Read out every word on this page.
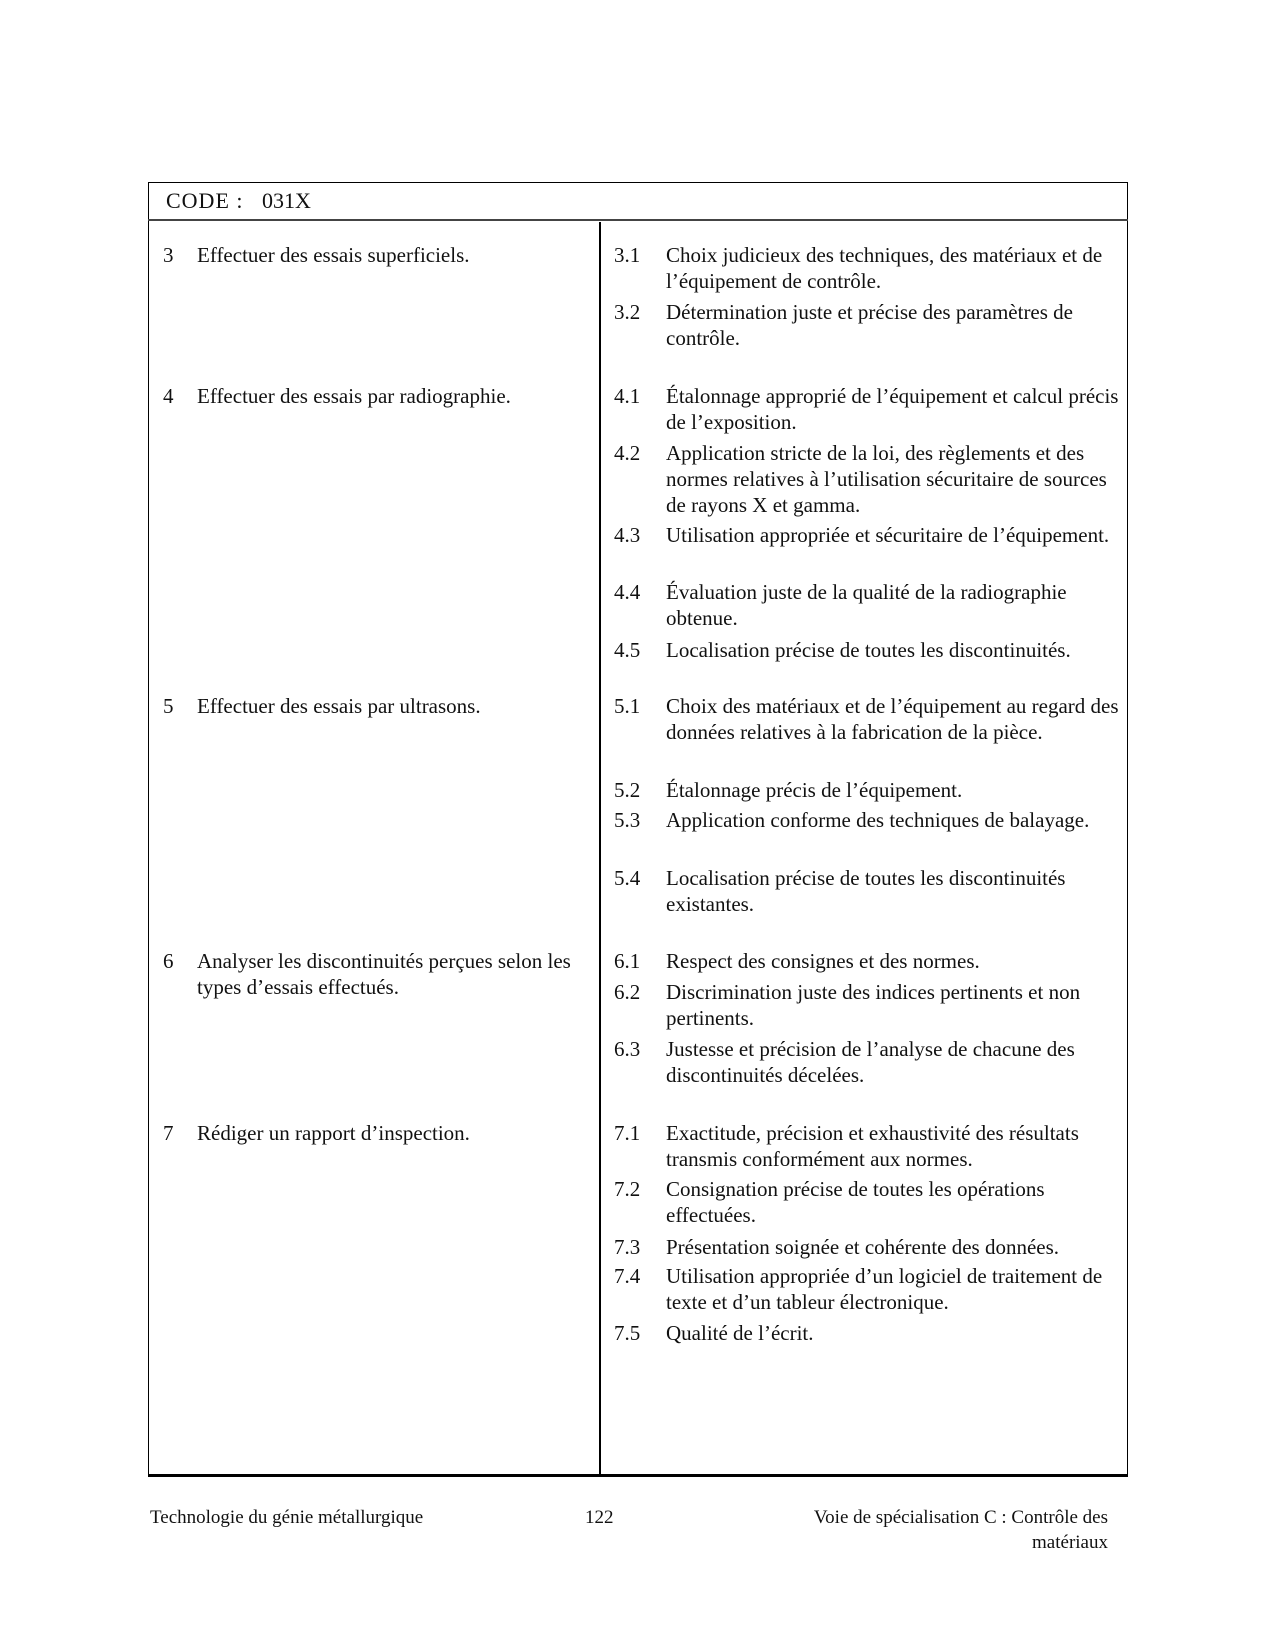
CODE : 031X
3 Effectuer des essais superficiels.
4 Effectuer des essais par radiographie.
5 Effectuer des essais par ultrasons.
6 Analyser les discontinuités perçues selon les types d’essais effectués.
7 Rédiger un rapport d’inspection.
3.1 Choix judicieux des techniques, des matériaux et de l’équipement de contrôle.
3.2 Détermination juste et précise des paramètres de contrôle.
4.1 Étalonnage approprié de l’équipement et calcul précis de l’exposition.
4.2 Application stricte de la loi, des règlements et des normes relatives à l’utilisation sécuritaire de sources de rayons X et gamma.
4.3 Utilisation appropriée et sécuritaire de l’équipement.
4.4 Évaluation juste de la qualité de la radiographie obtenue.
4.5 Localisation précise de toutes les discontinuités.
5.1 Choix des matériaux et de l’équipement au regard des données relatives à la fabrication de la pièce.
5.2 Étalonnage précis de l’équipement.
5.3 Application conforme des techniques de balayage.
5.4 Localisation précise de toutes les discontinuités existantes.
6.1 Respect des consignes et des normes.
6.2 Discrimination juste des indices pertinents et non pertinents.
6.3 Justesse et précision de l’analyse de chacune des discontinuités décelées.
7.1 Exactitude, précision et exhaustivité des résultats transmis conformément aux normes.
7.2 Consignation précise de toutes les opérations effectuées.
7.3 Présentation soignée et cohérente des données.
7.4 Utilisation appropriée d’un logiciel de traitement de texte et d’un tableur électronique.
7.5 Qualité de l’écrit.
Technologie du génie métallurgique	122	Voie de spécialisation C : Contrôle des matériaux
